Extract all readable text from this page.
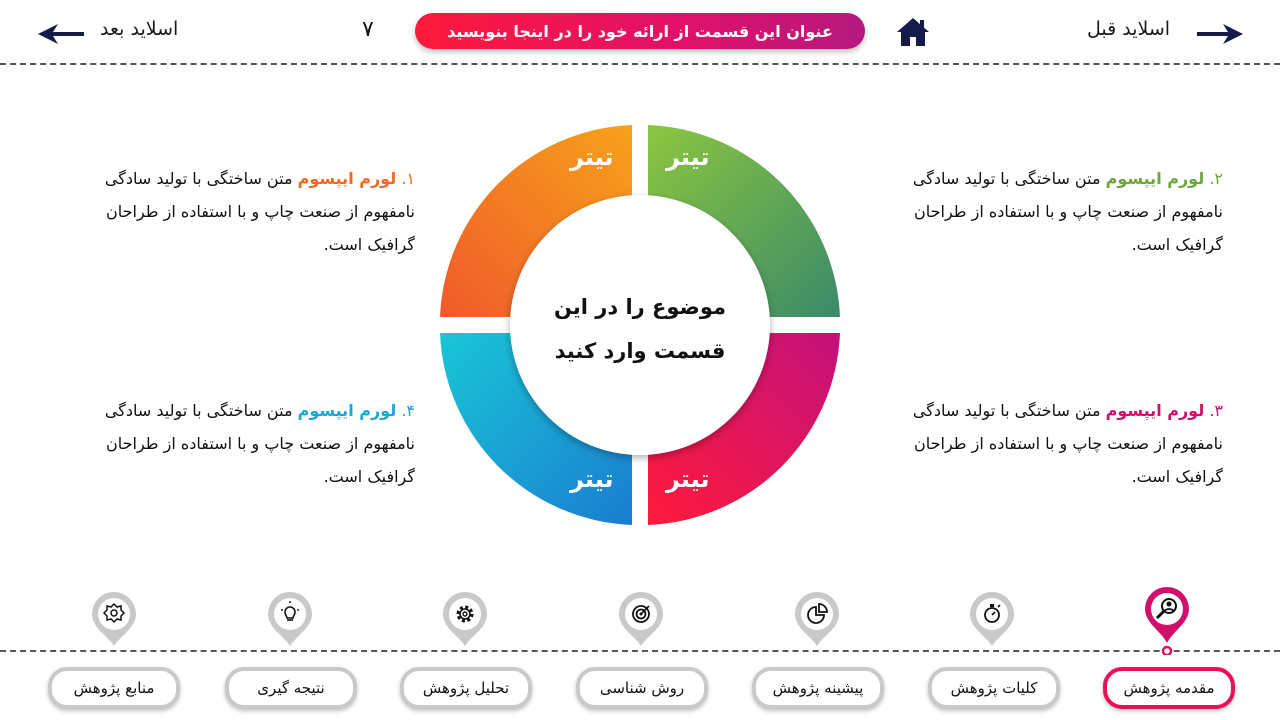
اسلاید بعد	۷	عنوان این قسمت از ارائه خود را در اینجا بنویسید	اسلاید قبل
تیتر تیتر
تیتر
تیتر
موضوع را در این
قسمت وارد کنید
۱. لورم ایپسوم متن ساختگی با تولید سادگی
نامفهوم از صنعت چاپ و با استفاده از طراحان
گرافیک است.
۲. لورم ایپسوم متن ساختگی با تولید سادگی
نامفهوم از صنعت چاپ و با استفاده از طراحان
گرافیک است.
۳. لورم ایپسوم متن ساختگی با تولید سادگی
نامفهوم از صنعت چاپ و با استفاده از طراحان
گرافیک است.
۴. لورم ایپسوم متن ساختگی با تولید سادگی
نامفهوم از صنعت چاپ و با استفاده از طراحان
گرافیک است.
مقدمه پژوهش
کلیات پژوهش
پیشینه پژوهش
روش شناسی
تحلیل پژوهش
نتیجه گیری
منابع پژوهش
